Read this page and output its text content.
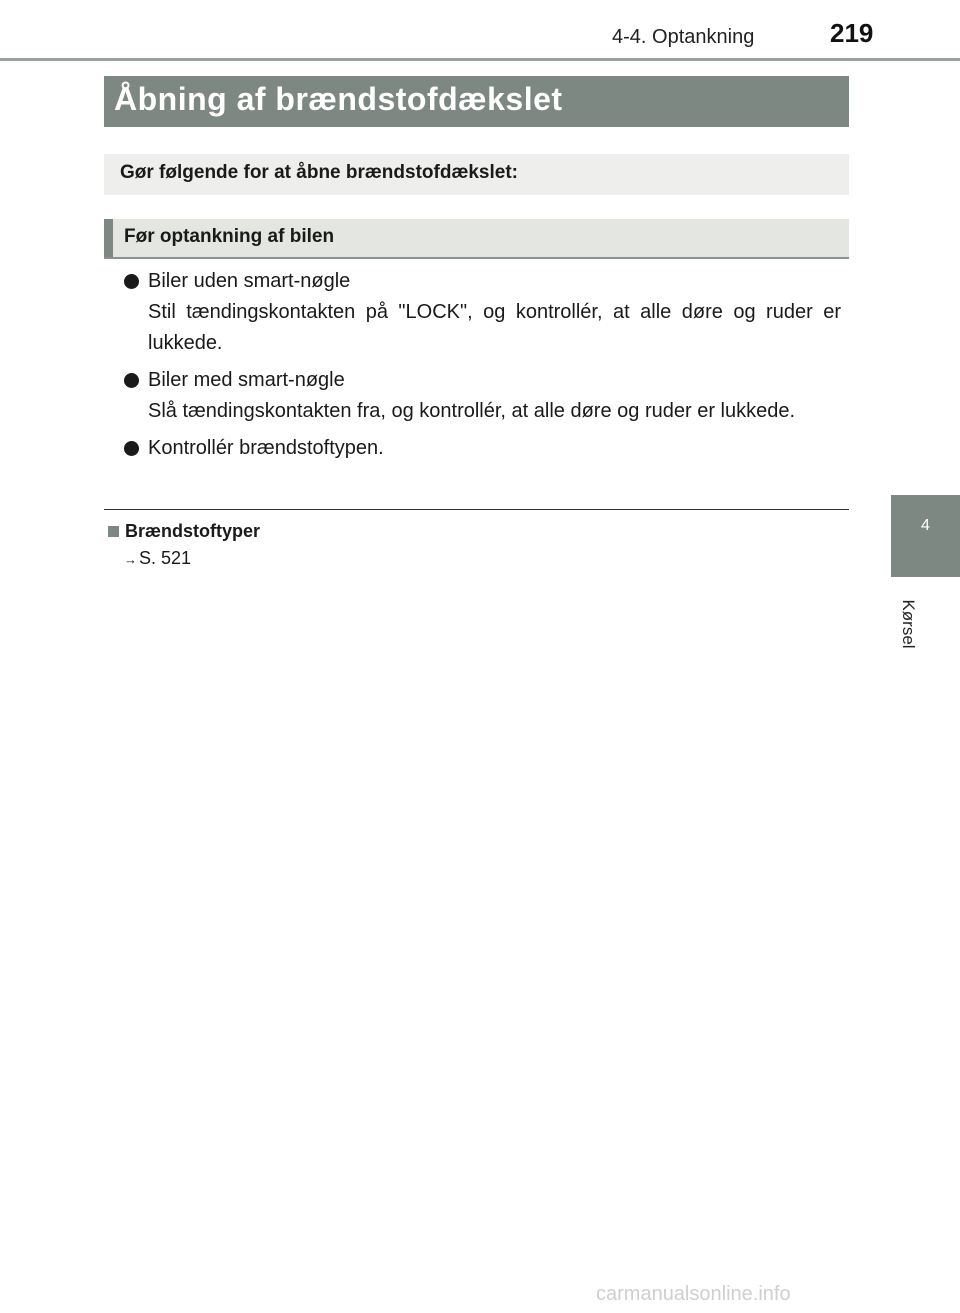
4-4. Optankning	219
4
Kørsel
Åbning af brændstofdækslet
Gør følgende for at åbne brændstofdækslet:
Før optankning af bilen
Biler uden smart-nøgle
Stil tændingskontakten på "LOCK", og kontrollér, at alle døre og ruder er lukkede.
Biler med smart-nøgle
Slå tændingskontakten fra, og kontrollér, at alle døre og ruder er lukkede.
Kontrollér brændstoftypen.
Brændstoftyper
→ S. 521
carmanualsonline.info
